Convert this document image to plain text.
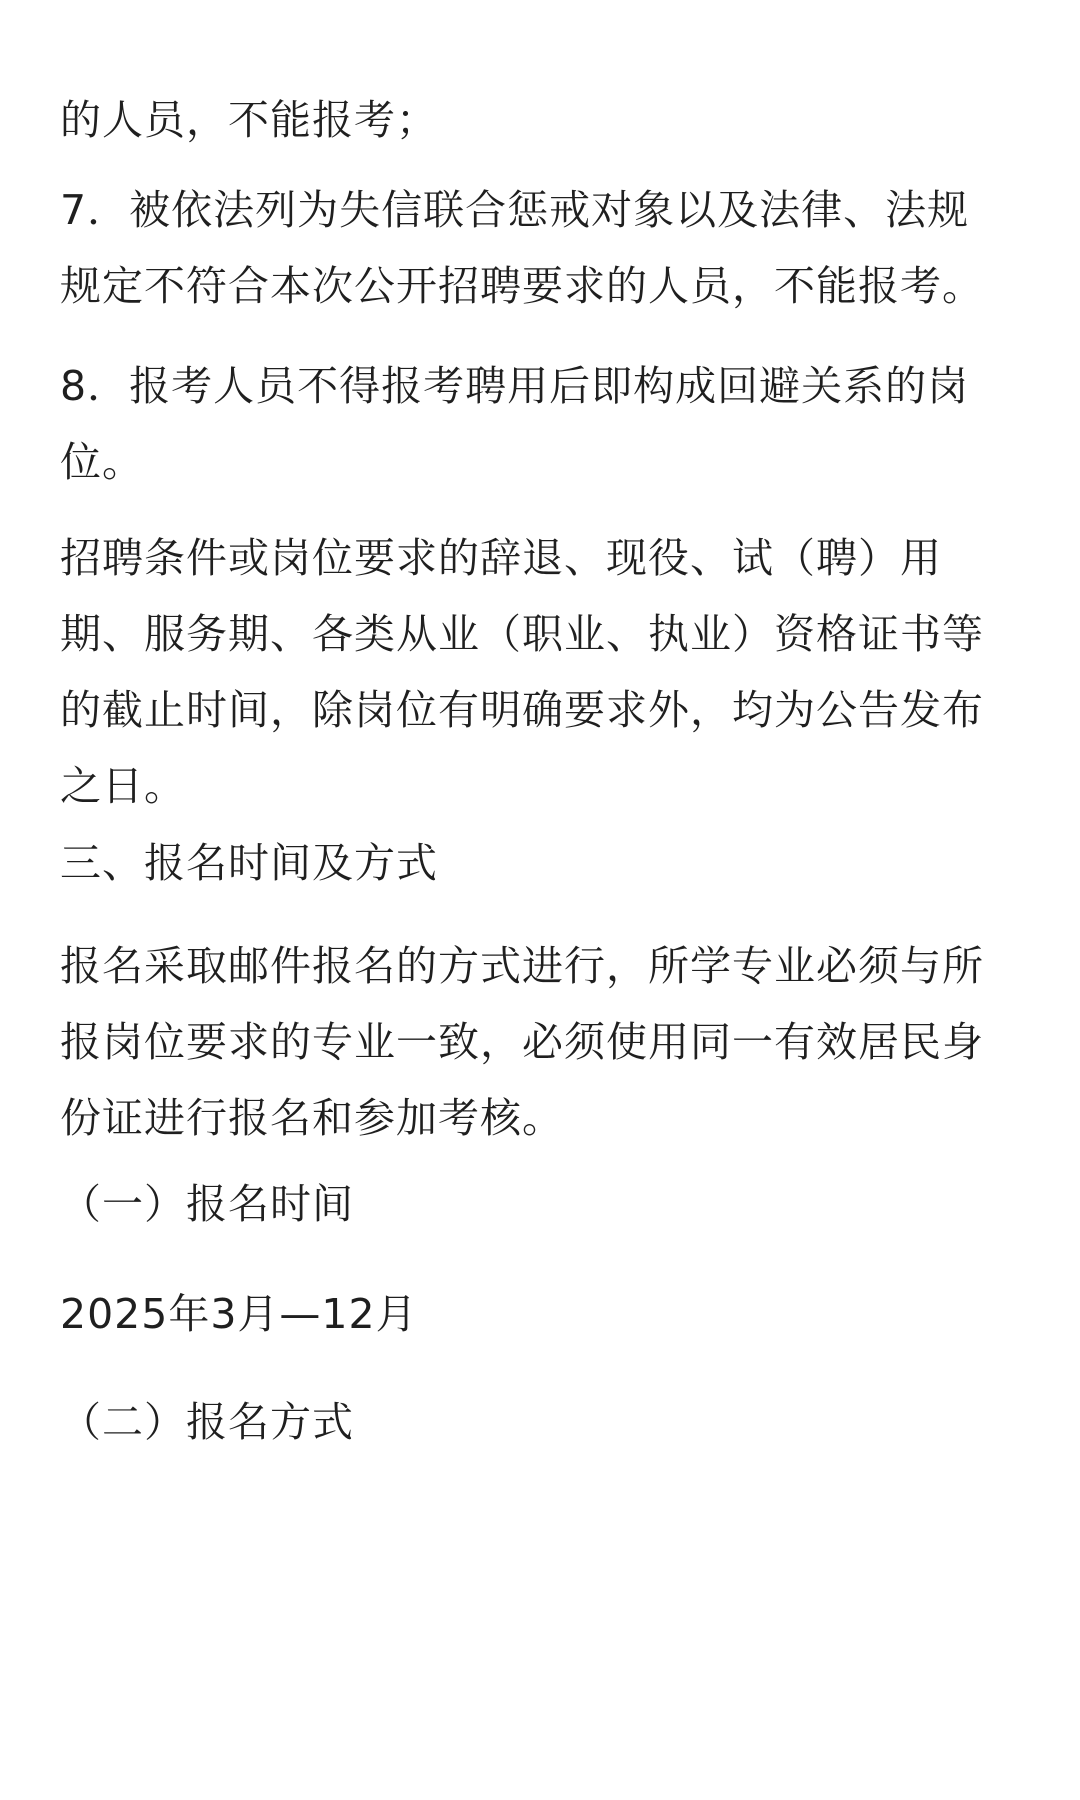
的人员，不能报考；
7．被依法列为失信联合惩戒对象以及法律、法规
规定不符合本次公开招聘要求的人员，不能报考。
8．报考人员不得报考聘用后即构成回避关系的岗
位。
招聘条件或岗位要求的辞退、现役、试（聘）用
期、服务期、各类从业（职业、执业）资格证书等
的截止时间，除岗位有明确要求外，均为公告发布
之日。
三、报名时间及方式
报名采取邮件报名的方式进行，所学专业必须与所
报岗位要求的专业一致，必须使用同一有效居民身
份证进行报名和参加考核。
（一）报名时间
2025年3月—12月
（二）报名方式
